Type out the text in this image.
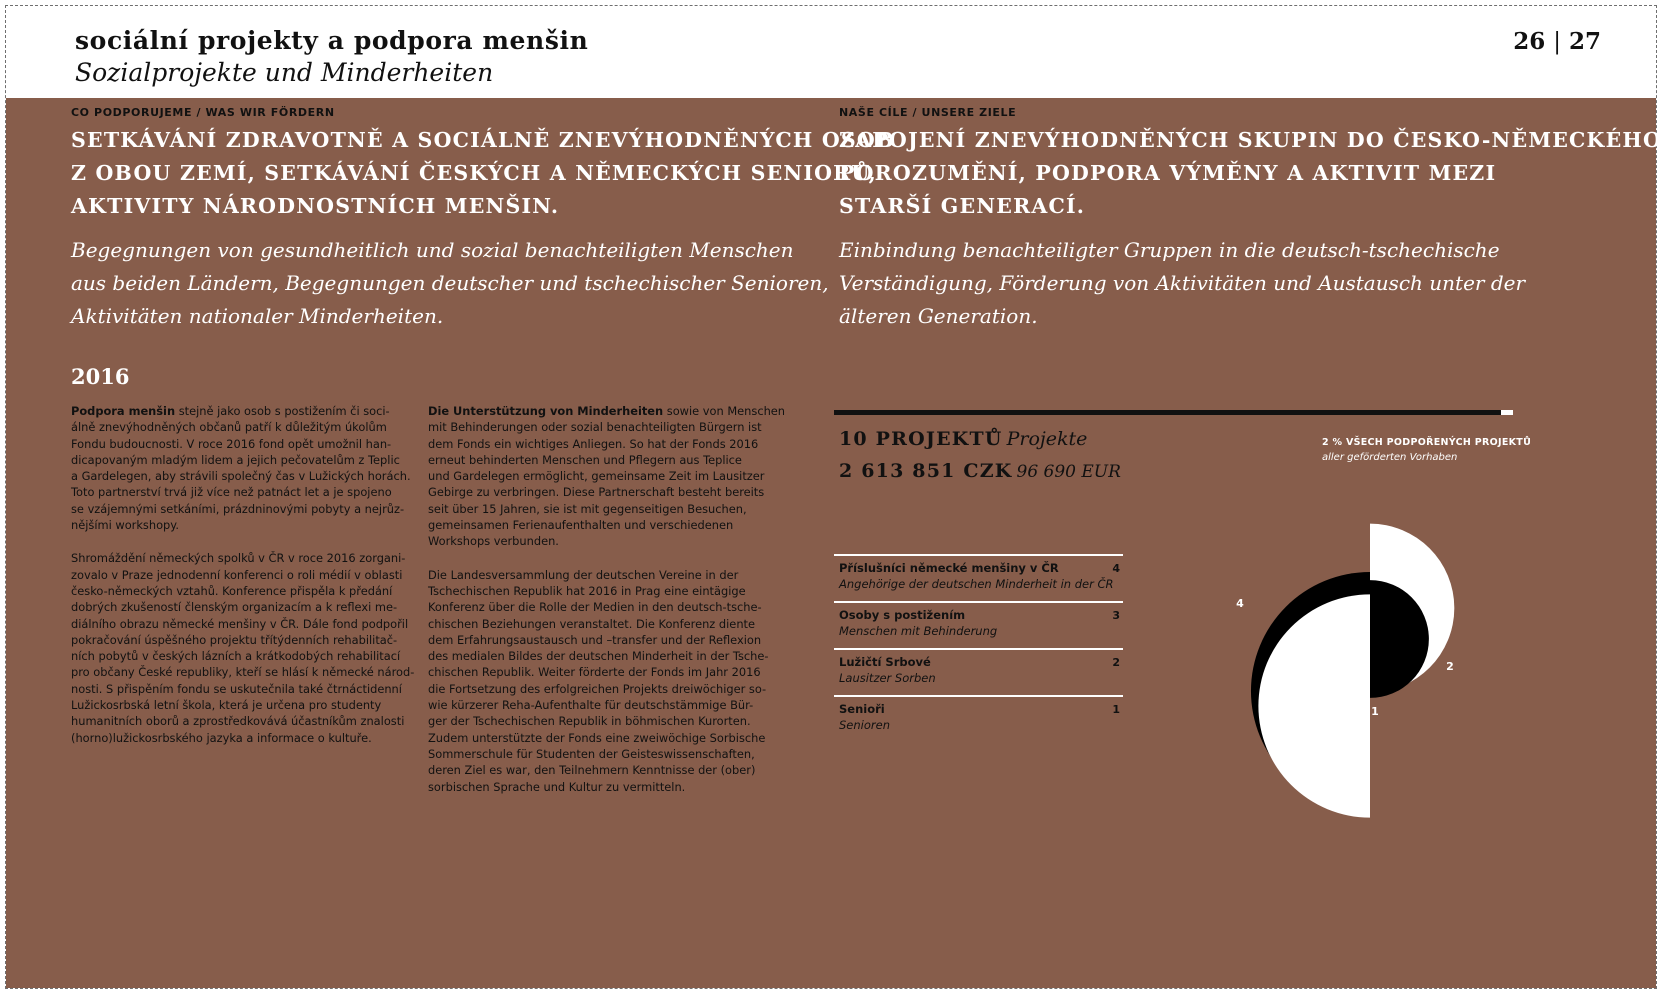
sociální projekty a podpora menšin
Sozialprojekte und Minderheiten
26 | 27
CO PODPORUJEME / WAS WIR FÖRDERN
SETKÁVÁNÍ ZDRAVOTNĚ A SOCIÁLNĚ ZNEVÝHODNĚNÝCH OSOB
Z OBOU ZEMÍ, SETKÁVÁNÍ ČESKÝCH A NĚMECKÝCH SENIORŮ,
AKTIVITY NÁRODNOSTNÍCH MENŠIN.
Begegnungen von gesundheitlich und sozial benachteiligten Menschen
aus beiden Ländern, Begegnungen deutscher und tschechischer Senioren,
Aktivitäten nationaler Minderheiten.
NAŠE CÍLE / UNSERE ZIELE
ZAPOJENÍ ZNEVÝHODNĚNÝCH SKUPIN DO ČESKO-NĚMECKÉHO
POROZUMĚNÍ, PODPORA VÝMĚNY A AKTIVIT MEZI
STARŠÍ GENERACÍ.
Einbindung benachteiligter Gruppen in die deutsch-tschechische
Verständigung, Förderung von Aktivitäten und Austausch unter der
älteren Generation.
2016

Podpora menšin stejně jako osob s postižením či soci-
álně znevýhodněných občanů patří k důležitým úkolům
Fondu budoucnosti. V roce 2016 fond opět umožnil han-
dicapovaným mladým lidem a jejich pečovatelům z Teplic
a Gardelegen, aby strávili společný čas v Lužických horách.
Toto partnerství trvá již více než patnáct let a je spojeno
se vzájemnými setkáními, prázdninovými pobyty a nejrůz-
nějšími workshopy.

Shromáždění německých spolků v ČR v roce 2016 zorgani-
zovalo v Praze jednodenní konferenci o roli médií v oblasti
česko-německých vztahů. Konference přispěla k předání
dobrých zkušeností členským organizacím a k reflexi me-
diálního obrazu německé menšiny v ČR. Dále fond podpořil
pokračování úspěšného projektu třítýdenních rehabilitač-
ních pobytů v českých lázních a krátkodobých rehabilitací
pro občany České republiky, kteří se hlásí k německé národ-
nosti. S přispěním fondu se uskutečnila také čtrnáctidenní
Lužickosrbská letní škola, která je určena pro studenty
humanitních oborů a zprostředkovává účastníkům znalosti
(horno)lužickosrbského jazyka a informace o kultuře.

Die Unterstützung von Minderheiten sowie von Menschen
mit Behinderungen oder sozial benachteiligten Bürgern ist
dem Fonds ein wichtiges Anliegen. So hat der Fonds 2016
erneut behinderten Menschen und Pflegern aus Teplice
und Gardelegen ermöglicht, gemeinsame Zeit im Lausitzer
Gebirge zu verbringen. Diese Partnerschaft besteht bereits
seit über 15 Jahren, sie ist mit gegenseitigen Besuchen,
gemeinsamen Ferienaufenthalten und verschiedenen
Workshops verbunden.

Die Landesversammlung der deutschen Vereine in der
Tschechischen Republik hat 2016 in Prag eine eintägige
Konferenz über die Rolle der Medien in den deutsch-tsche-
chischen Beziehungen veranstaltet. Die Konferenz diente
dem Erfahrungsaustausch und –transfer und der Reflexion
des medialen Bildes der deutschen Minderheit in der Tsche-
chischen Republik. Weiter förderte der Fonds im Jahr 2016
die Fortsetzung des erfolgreichen Projekts dreiwöchiger so-
wie kürzerer Reha-Aufenthalte für deutschstämmige Bür-
ger der Tschechischen Republik in böhmischen Kurorten.
Zudem unterstützte der Fonds eine zweiwöchige Sorbische
Sommerschule für Studenten der Geisteswissenschaften,
deren Ziel es war, den Teilnehmern Kenntnisse der (ober)
sorbischen Sprache und Kultur zu vermitteln.

10 PROJEKTŮ Projekte
2 613 851 CZK 96 690 EUR
2 % VŠECH PODPOŘENÝCH PROJEKTŮ
aller geförderten Vorhaben
Příslušníci německé menšiny v ČR
Angehörige der deutschen Minderheit in der ČR
4
Osoby s postižením
Menschen mit Behinderung
3
Lužičtí Srbové
Lausitzer Sorben
2
Senioři
Senioren
1
4
3
2
1
